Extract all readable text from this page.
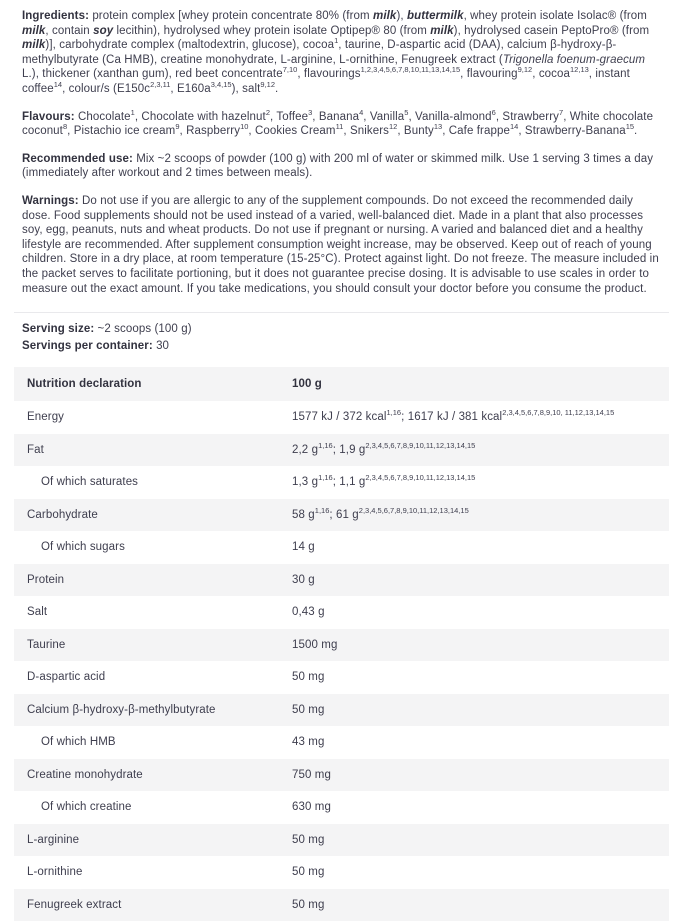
Ingredients: protein complex [whey protein concentrate 80% (from milk), buttermilk, whey protein isolate Isolac® (from milk, contain soy lecithin), hydrolysed whey protein isolate Optipep® 80 (from milk), hydrolysed casein PeptoPro® (from milk)], carbohydrate complex (maltodextrin, glucose), cocoa$^1$, taurine, D-aspartic acid (DAA), calcium β-hydroxy-β-methylbutyrate (Ca HMB), creatine monohydrate, L-arginine, L-ornithine, Fenugreek extract (Trigonella foenum-graecum L.), thickener (xanthan gum), red beet concentrate$^{7,10}$, flavourings$^{1,2,3,4,5,6,7,8,10,11,13,14,15}$, flavouring$^{9,12}$, cocoa$^{12,13}$, instant coffee$^{14}$, colour/s ($E150c^{2,3,11}$, $E160a^{3,4,15}$), salt$^{9,12}$.

Flavours: Chocolate$^1$, Chocolate with hazelnut$^2$, Toffee$^3$, Banana$^4$, Vanilla$^5$, Vanilla-almond$^6$, Strawberry$^7$, White chocolate coconut$^8$, Pistachio ice cream$^9$, Raspberry$^{10}$, Cookies Cream$^{11}$, Snikers$^{12}$, Bunty$^{13}$, Cafe frappe$^{14}$, Strawberry-Banana$^{15}$.

Recommended use: Mix ~2 scoops of powder (100 g) with 200 ml of water or skimmed milk. Use 1 serving 3 times a day (immediately after workout and 2 times between meals).

Warnings: Do not use if you are allergic to any of the supplement compounds. Do not exceed the recommended daily dose. Food supplements should not be used instead of a varied, well-balanced diet. Made in a plant that also processes soy, egg, peanuts, nuts and wheat products. Do not use if pregnant or nursing. A varied and balanced diet and a healthy lifestyle are recommended. After supplement consumption weight increase, may be observed. Keep out of reach of young children. Store in a dry place, at room temperature (15-25°C). Protect against light. Do not freeze. The measure included in the packet serves to facilitate portioning, but it does not guarantee precise dosing. It is advisable to use scales in order to measure out the exact amount. If you take medications, you should consult your doctor before you consume the product.

Serving size: ~2 scoops (100 g)
Servings per container: 30
Nutrition declaration	100 g
Energy	1577 kJ / 372 kcal$^{1,16}$; 1617 kJ / 381 kcal$^{2,3,4,5,6,7,8,9,10, 11,12,13,14,15}$
Fat	2,2 $g^{1,16}$; 1,9 $g^{2,3,4,5,6,7,8,9,10,11,12,13,14,15}$
Of which saturates	1,3 $g^{1,16}$; 1,1 $g^{2,3,4,5,6,7,8,9,10,11,12,13,14,15}$
Carbohydrate	58 $g^{1,16}$; 61 $g^{2,3,4,5,6,7,8,9,10,11,12,13,14,15}$
Of which sugars	14 g
Protein	30 g
Salt	0,43 g
Taurine	1500 mg
D-aspartic acid	50 mg
Calcium β-hydroxy-β-methylbutyrate	50 mg
Of which HMB	43 mg
Creatine monohydrate	750 mg
Of which creatine	630 mg
L-arginine	50 mg
L-ornithine	50 mg
Fenugreek extract	50 mg
